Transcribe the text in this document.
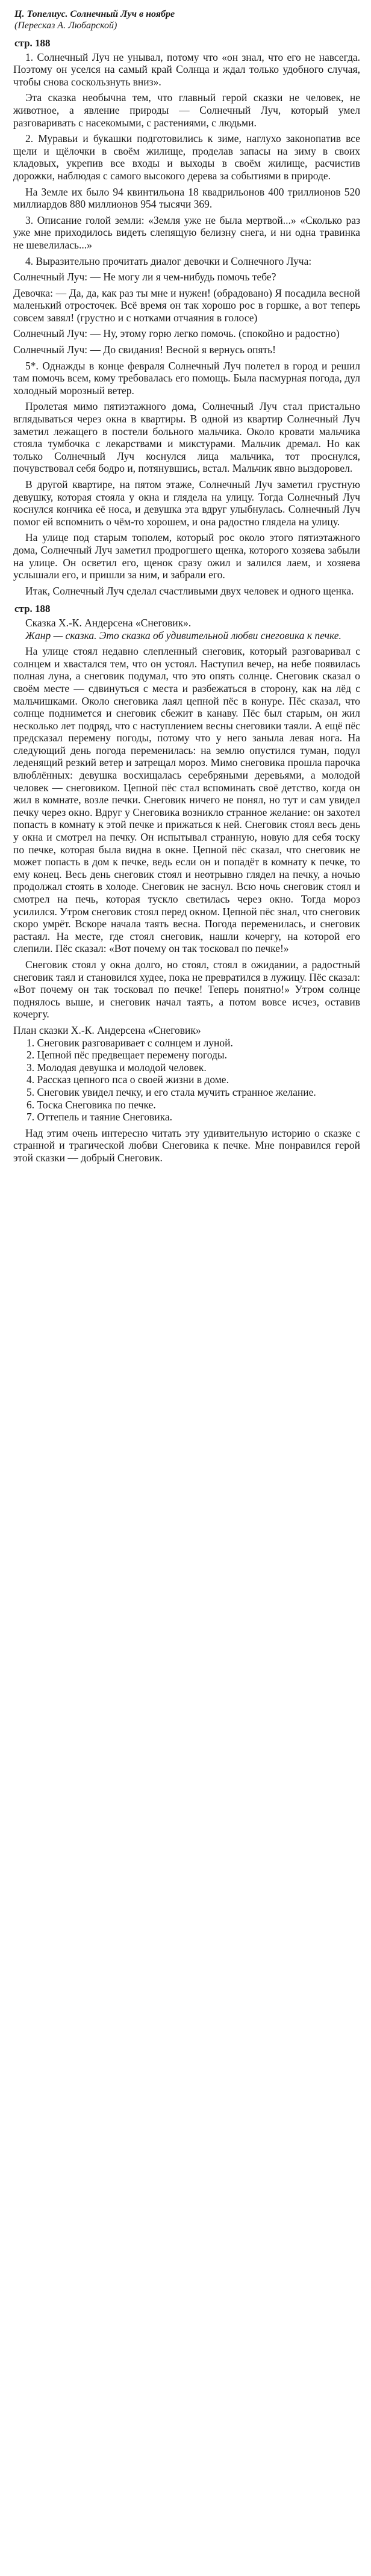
Ц. Топелиус. Солнечный Луч в ноябре
(Пересказ А. Любарской)
стр. 188

1. Солнечный Луч не унывал, потому что «он знал, что его не навсегда. Поэтому он уселся на самый край Солнца и ждал только удобного случая, чтобы снова соскользнуть вниз».

Эта сказка необычна тем, что главный герой сказки не человек, не животное, а явление природы — Солнечный Луч, который умел разговаривать с насекомыми, с растениями, с людьми.

2. Муравьи и букашки подготовились к зиме, наглухо законопатив все щели и щёлочки в своём жилище, проделав запасы на зиму в своих кладовых, укрепив все входы и выходы в своём жилище, расчистив дорожки, наблюдая с самого высокого дерева за событиями в природе.

На Земле их было 94 квинтильона 18 квадрильонов 400 триллионов 520 миллиардов 880 миллионов 954 тысячи 369.

3. Описание голой земли: «Земля уже не была мертвой...» «Сколько раз уже мне приходилось видеть слепящую белизну снега, и ни одна травинка не шевелилась...»

4. Выразительно прочитать диалог девочки и Солнечного Луча:

Солнечный Луч: — Не могу ли я чем-нибудь помочь тебе?

Девочка: — Да, да, как раз ты мне и нужен! (обрадовано) Я посадила весной маленький отросточек. Всё время он так хорошо рос в горшке, а вот теперь совсем завял! (грустно и с нотками отчаяния в голосе)

Солнечный Луч: — Ну, этому горю легко помочь. (спокойно и радостно)

Солнечный Луч: — До свидания! Весной я вернусь опять!

5*. Однажды в конце февраля Солнечный Луч полетел в город и решил там помочь всем, кому требовалась его помощь. Была пасмурная погода, дул холодный морозный ветер.

Пролетая мимо пятиэтажного дома, Солнечный Луч стал пристально вглядываться через окна в квартиры. В одной из квартир Солнечный Луч заметил лежащего в постели больного мальчика. Около кровати мальчика стояла тумбочка с лекарствами и микстурами. Мальчик дремал. Но как только Солнечный Луч коснулся лица мальчика, тот проснулся, почувствовал себя бодро и, потянувшись, встал. Мальчик явно выздоровел.

В другой квартире, на пятом этаже, Солнечный Луч заметил грустную девушку, которая стояла у окна и глядела на улицу. Тогда Солнечный Луч коснулся кончика её носа, и девушка эта вдруг улыбнулась. Солнечный Луч помог ей вспомнить о чём-то хорошем, и она радостно глядела на улицу.

На улице под старым тополем, который рос около этого пятиэтажного дома, Солнечный Луч заметил продрогшего щенка, которого хозяева забыли на улице. Он осветил его, щенок сразу ожил и залился лаем, и хозяева услышали его, и пришли за ним, и забрали его.

Итак, Солнечный Луч сделал счастливыми двух человек и одного щенка.

стр. 188

Сказка Х.-К. Андерсена «Снеговик».

Жанр — сказка. Это сказка об удивительной любви снеговика к печке.

На улице стоял недавно слепленный снеговик, который разговаривал с солнцем и хвастался тем, что он устоял. Наступил вечер, на небе появилась полная луна, а снеговик подумал, что это опять солнце. Снеговик сказал о своём месте — сдвинуться с места и разбежаться в сторону, как на лёд с мальчишками. Около снеговика лаял цепной пёс в конуре. Пёс сказал, что солнце поднимется и снеговик сбежит в канаву. Пёс был старым, он жил несколько лет подряд, что с наступлением весны снеговики таяли. А ещё пёс предсказал перемену погоды, потому что у него заныла левая нога. На следующий день погода переменилась: на землю опустился туман, подул леденящий резкий ветер и затрещал мороз. Мимо снеговика прошла парочка влюблённых: девушка восхищалась серебряными деревьями, а молодой человек — снеговиком. Цепной пёс стал вспоминать своё детство, когда он жил в комнате, возле печки. Снеговик ничего не понял, но тут и сам увидел печку через окно. Вдруг у Снеговика возникло странное желание: он захотел попасть в комнату к этой печке и прижаться к ней. Снеговик стоял весь день у окна и смотрел на печку. Он испытывал странную, новую для себя тоску по печке, которая была видна в окне. Цепной пёс сказал, что снеговик не может попасть в дом к печке, ведь если он и попадёт в комнату к печке, то ему конец. Весь день снеговик стоял и неотрывно глядел на печку, а ночью продолжал стоять в холоде. Снеговик не заснул. Всю ночь снеговик стоял и смотрел на печь, которая тускло светилась через окно. Тогда мороз усилился. Утром снеговик стоял перед окном. Цепной пёс знал, что снеговик скоро умрёт. Вскоре начала таять весна. Погода переменилась, и снеговик растаял. На месте, где стоял снеговик, нашли кочергу, на которой его слепили. Пёс сказал: «Вот почему он так тосковал по печке!»

Снеговик стоял у окна долго, но стоял, стоял в ожидании, а радостный снеговик таял и становился худее, пока не превратился в лужицу. Пёс сказал: «Вот почему он так тосковал по печке! Теперь понятно!» Утром солнце поднялось выше, и снеговик начал таять, а потом вовсе исчез, оставив кочергу.

План сказки Х.-К. Андерсена «Снеговик»

1. Снеговик разговаривает с солнцем и луной.

2. Цепной пёс предвещает перемену погоды.

3. Молодая девушка и молодой человек.

4. Рассказ цепного пса о своей жизни в доме.

5. Снеговик увидел печку, и его стала мучить странное желание.

6. Тоска Снеговика по печке.

7. Оттепель и таяние Снеговика.

Над этим очень интересно читать эту удивительную историю о сказке с странной и трагической любви Снеговика к печке. Мне понравился герой этой сказки — добрый Снеговик.
